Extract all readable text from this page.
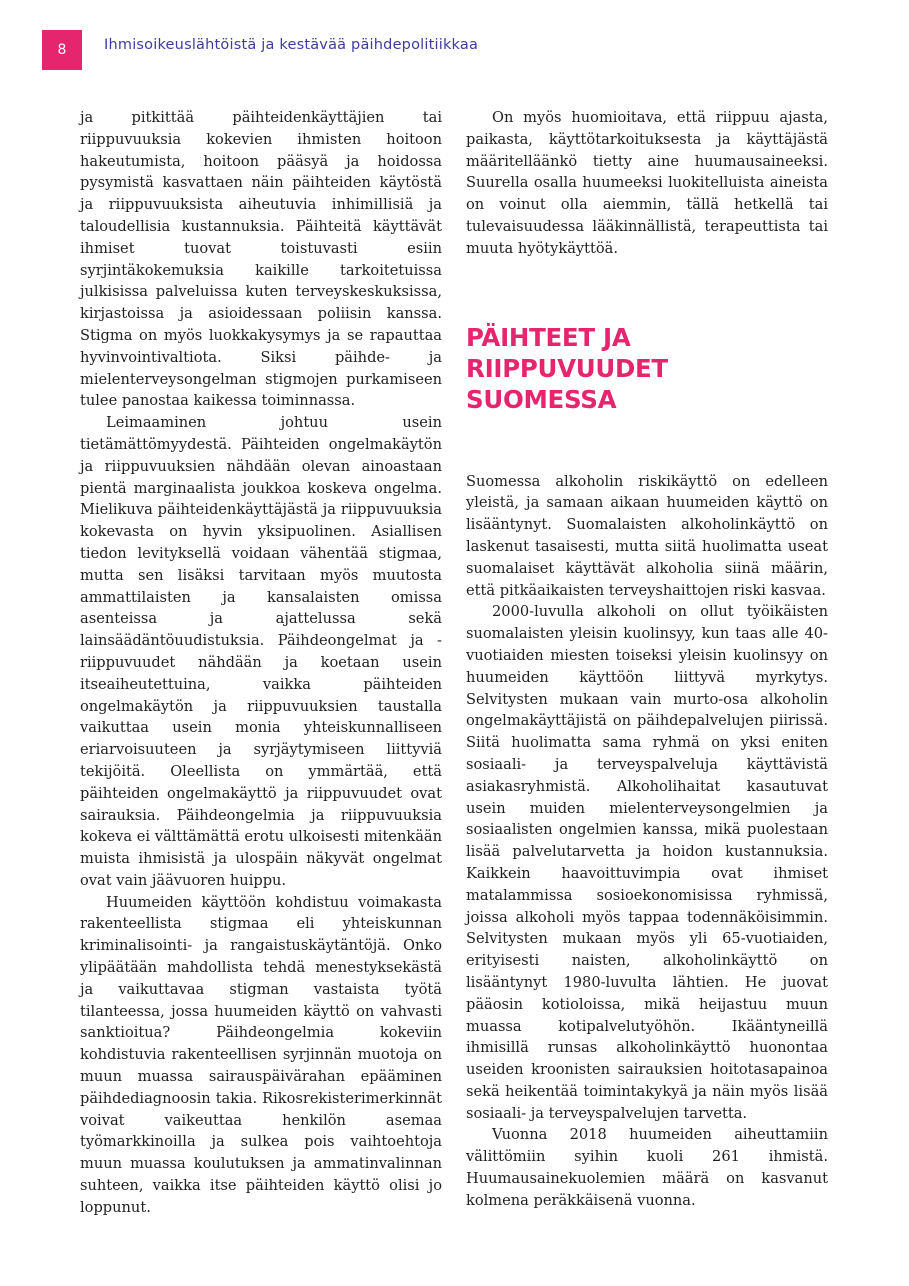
8	Ihmisoikeuslähtöistä ja kestävää päihdepolitiikkaa

ja pitkittää päihteidenkäyttäjien tai riippuvuuksia kokevien ihmisten hoitoon hakeutumista, hoitoon pääsyä ja hoidossa pysymistä kasvattaen näin päihteiden käytöstä ja riippuvuuksista aiheutuvia inhimillisiä ja taloudellisia kustannuksia. Päihteitä käyttävät ihmiset tuovat toistuvasti esiin syrjintäkokemuksia kaikille tarkoitetuissa julkisissa palveluissa kuten terveyskeskuksissa, kirjastoissa ja asioidessaan poliisin kanssa. Stigma on myös luokkakysymys ja se rapauttaa hyvinvointivaltiota. Siksi päihde- ja mielenterveysongelman stigmojen purkamiseen tulee panostaa kaikessa toiminnassa.

Leimaaminen johtuu usein tietämättömyydestä. Päihteiden ongelmakäytön ja riippuvuuksien nähdään olevan ainoastaan pientä marginaalista joukkoa koskeva ongelma. Mielikuva päihteidenkäyttäjästä ja riippuvuuksia kokevasta on hyvin yksipuolinen. Asiallisen tiedon levityksellä voidaan vähentää stigmaa, mutta sen lisäksi tarvitaan myös muutosta ammattilaisten ja kansalaisten omissa asenteissa ja ajattelussa sekä lainsäädäntöuudistuksia. Päihdeongelmat ja -riippuvuudet nähdään ja koetaan usein itseaiheutettuina, vaikka päihteiden ongelmakäytön ja riippuvuuksien taustalla vaikuttaa usein monia yhteiskunnalliseen eriarvoisuuteen ja syrjäytymiseen liittyviä tekijöitä. Oleellista on ymmärtää, että päihteiden ongelmakäyttö ja riippuvuudet ovat sairauksia. Päihdeongelmia ja riippuvuuksia kokeva ei välttämättä erotu ulkoisesti mitenkään muista ihmisistä ja ulospäin näkyvät ongelmat ovat vain jäävuoren huippu.

Huumeiden käyttöön kohdistuu voimakasta rakenteellista stigmaa eli yhteiskunnan kriminalisointi- ja rangaistuskäytäntöjä. Onko ylipäätään mahdollista tehdä menestyksekästä ja vaikuttavaa stigman vastaista työtä tilanteessa, jossa huumeiden käyttö on vahvasti sanktioitua? Päihdeongelmia kokeviin kohdistuvia rakenteellisen syrjinnän muotoja on muun muassa sairauspäivärahan epääminen päihdediagnoosin takia. Rikosrekisterimerkinnät voivat vaikeuttaa henkilön asemaa työmarkkinoilla ja sulkea pois vaihtoehtoja muun muassa koulutuksen ja ammatinvalinnan suhteen, vaikka itse päihteiden käyttö olisi jo loppunut.

On myös huomioitava, että riippuu ajasta, paikasta, käyttötarkoituksesta ja käyttäjästä määritelläänkö tietty aine huumausaineeksi. Suurella osalla huumeeksi luokitelluista aineista on voinut olla aiemmin, tällä hetkellä tai tulevaisuudessa lääkinnällistä, terapeuttista tai muuta hyötykäyttöä.

PÄIHTEET JA
RIIPPUVUUDET
SUOMESSA

Suomessa alkoholin riskikäyttö on edelleen yleistä, ja samaan aikaan huumeiden käyttö on lisääntynyt. Suomalaisten alkoholinkäyttö on laskenut tasaisesti, mutta siitä huolimatta useat suomalaiset käyttävät alkoholia siinä määrin, että pitkäaikaisten terveyshaittojen riski kasvaa.

2000-luvulla alkoholi on ollut työikäisten suomalaisten yleisin kuolinsyy, kun taas alle 40-vuotiaiden miesten toiseksi yleisin kuolinsyy on huumeiden käyttöön liittyvä myrkytys. Selvitysten mukaan vain murto-osa alkoholin ongelmakäyttäjistä on päihdepalvelujen piirissä. Siitä huolimatta sama ryhmä on yksi eniten sosiaali- ja terveyspalveluja käyttävistä asiakasryhmistä. Alkoholihaitat kasautuvat usein muiden mielenterveysongelmien ja sosiaalisten ongelmien kanssa, mikä puolestaan lisää palvelutarvetta ja hoidon kustannuksia. Kaikkein haavoittuvimpia ovat ihmiset matalammissa sosioekonomisissa ryhmissä, joissa alkoholi myös tappaa todennäköisimmin. Selvitysten mukaan myös yli 65-vuotiaiden, erityisesti naisten, alkoholinkäyttö on lisääntynyt 1980-luvulta lähtien. He juovat pääosin kotioloissa, mikä heijastuu muun muassa kotipalvelutyöhön. Ikääntyneillä ihmisillä runsas alkoholinkäyttö huonontaa useiden kroonisten sairauksien hoitotasapainoa sekä heikentää toimintakykyä ja näin myös lisää sosiaali- ja terveyspalvelujen tarvetta.

Vuonna 2018 huumeiden aiheuttamiin välittömiin syihin kuoli 261 ihmistä. Huumausainekuolemien määrä on kasvanut kolmena peräkkäisenä vuonna.
